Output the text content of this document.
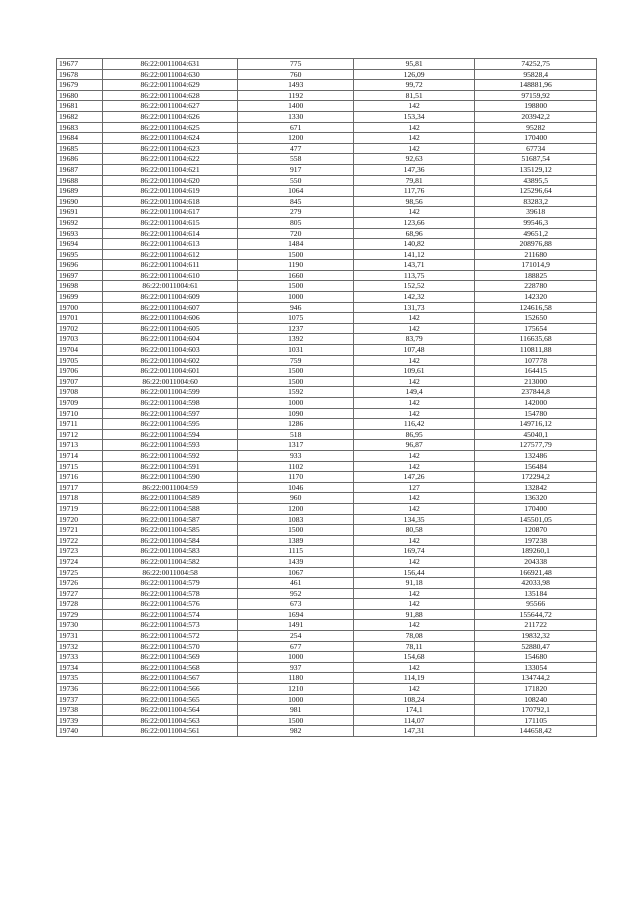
19677	86:22:0011004:631	775	95,81	74252,75
19678	86:22:0011004:630	760	126,09	95828,4
19679	86:22:0011004:629	1493	99,72	148881,96
19680	86:22:0011004:628	1192	81,51	97159,92
19681	86:22:0011004:627	1400	142	198800
19682	86:22:0011004:626	1330	153,34	203942,2
19683	86:22:0011004:625	671	142	95282
19684	86:22:0011004:624	1200	142	170400
19685	86:22:0011004:623	477	142	67734
19686	86:22:0011004:622	558	92,63	51687,54
19687	86:22:0011004:621	917	147,36	135129,12
19688	86:22:0011004:620	550	79,81	43895,5
19689	86:22:0011004:619	1064	117,76	125296,64
19690	86:22:0011004:618	845	98,56	83283,2
19691	86:22:0011004:617	279	142	39618
19692	86:22:0011004:615	805	123,66	99546,3
19693	86:22:0011004:614	720	68,96	49651,2
19694	86:22:0011004:613	1484	140,82	208976,88
19695	86:22:0011004:612	1500	141,12	211680
19696	86:22:0011004:611	1190	143,71	171014,9
19697	86:22:0011004:610	1660	113,75	188825
19698	86:22:0011004:61	1500	152,52	228780
19699	86:22:0011004:609	1000	142,32	142320
19700	86:22:0011004:607	946	131,73	124616,58
19701	86:22:0011004:606	1075	142	152650
19702	86:22:0011004:605	1237	142	175654
19703	86:22:0011004:604	1392	83,79	116635,68
19704	86:22:0011004:603	1031	107,48	110811,88
19705	86:22:0011004:602	759	142	107778
19706	86:22:0011004:601	1500	109,61	164415
19707	86:22:0011004:60	1500	142	213000
19708	86:22:0011004:599	1592	149,4	237844,8
19709	86:22:0011004:598	1000	142	142000
19710	86:22:0011004:597	1090	142	154780
19711	86:22:0011004:595	1286	116,42	149716,12
19712	86:22:0011004:594	518	86,95	45040,1
19713	86:22:0011004:593	1317	96,87	127577,79
19714	86:22:0011004:592	933	142	132486
19715	86:22:0011004:591	1102	142	156484
19716	86:22:0011004:590	1170	147,26	172294,2
19717	86:22:0011004:59	1046	127	132842
19718	86:22:0011004:589	960	142	136320
19719	86:22:0011004:588	1200	142	170400
19720	86:22:0011004:587	1083	134,35	145501,05
19721	86:22:0011004:585	1500	80,58	120870
19722	86:22:0011004:584	1389	142	197238
19723	86:22:0011004:583	1115	169,74	189260,1
19724	86:22:0011004:582	1439	142	204338
19725	86:22:0011004:58	1067	156,44	166921,48
19726	86:22:0011004:579	461	91,18	42033,98
19727	86:22:0011004:578	952	142	135184
19728	86:22:0011004:576	673	142	95566
19729	86:22:0011004:574	1694	91,88	155644,72
19730	86:22:0011004:573	1491	142	211722
19731	86:22:0011004:572	254	78,08	19832,32
19732	86:22:0011004:570	677	78,11	52880,47
19733	86:22:0011004:569	1000	154,68	154680
19734	86:22:0011004:568	937	142	133054
19735	86:22:0011004:567	1180	114,19	134744,2
19736	86:22:0011004:566	1210	142	171820
19737	86:22:0011004:565	1000	108,24	108240
19738	86:22:0011004:564	981	174,1	170792,1
19739	86:22:0011004:563	1500	114,07	171105
19740	86:22:0011004:561	982	147,31	144658,42
